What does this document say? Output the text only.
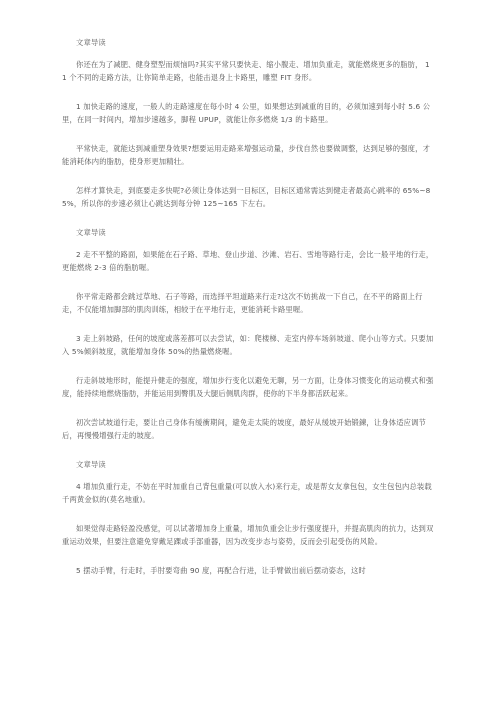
文章导读

你还在为了减肥、健身塑型而烦恼吗?其实平常只要快走、缩小腹走、增加负重走，就能燃烧更多的脂肪， 11 个不同的走路方法，让你简单走路，也能击退身上卡路里，雕塑 FIT 身形。

1 加快走路的速度，一般人的走路速度在每小时 4 公里，如果想达到减重的目的，必须加速到每小时 5.6 公里，在同一时间内，增加步速越多，脚程 UPUP，就能让你多燃烧 1/3 的卡路里。

平常快走，就能达到减重塑身效果?想要运用走路来增强运动量，步伐自然也要做调整，达到足够的强度，才能消耗体内的脂肪，使身形更加精壮。

怎样才算快走，到底要走多快呢?必须让身体达到一目标区，目标区通常需达到健走者最高心跳率的 65%~85%，所以你的步速必须让心跳达到每分钟 125~165 下左右。

文章导读

2 走不平整的路面，如果能在石子路、草地、登山步道、沙滩、岩石、雪地等路行走，会比一般平地的行走，更能燃烧 2-3 倍的脂肪喔。

你平常走路都会跳过草地、石子等路，而选择平坦道路来行走?这次不妨挑战一下自己，在不平的路面上行走，不仅能增加脚部的肌肉训练，相较于在平地行走，更能消耗卡路里喔。

3 走上斜坡路，任何的坡度或落差都可以去尝试，如：爬楼梯、走室内停车场斜坡道、爬小山等方式。只要加入 5%倾斜坡度，就能增加身体 50%的热量燃烧喔。

行走斜坡地形时，能提升健走的强度，增加步行变化以避免无聊，另一方面，让身体习惯变化的运动模式和强度，能持续地燃烧脂肪，并能运用到臀肌及大腿后侧肌肉群，使你的下半身都活跃起来。

初次尝试坡道行走，要让自己身体有缓衝期间，避免走太陡的坡度，最好从缓坡开始锻鍊，让身体适应调节后，再慢慢增强行走的坡度。

文章导读

4 增加负重行走，不妨在平时加重自己背包重量(可以放入水)来行走，或是帮女友拿包包，女生包包内总装载千两黄金似的(莫名地重)。

如果觉得走路轻盈没感觉，可以试著增加身上重量，增加负重会让步行强度提升，并提高肌肉的抗力，达到双重运动效果，但要注意避免穿戴足踝或手部重器，因为改变步态与姿势，反而会引起受伤的风险。

5 摆动手臂，行走时，手肘要弯曲 90 度，再配合行进，让手臂做出前后摆动姿态，这时
